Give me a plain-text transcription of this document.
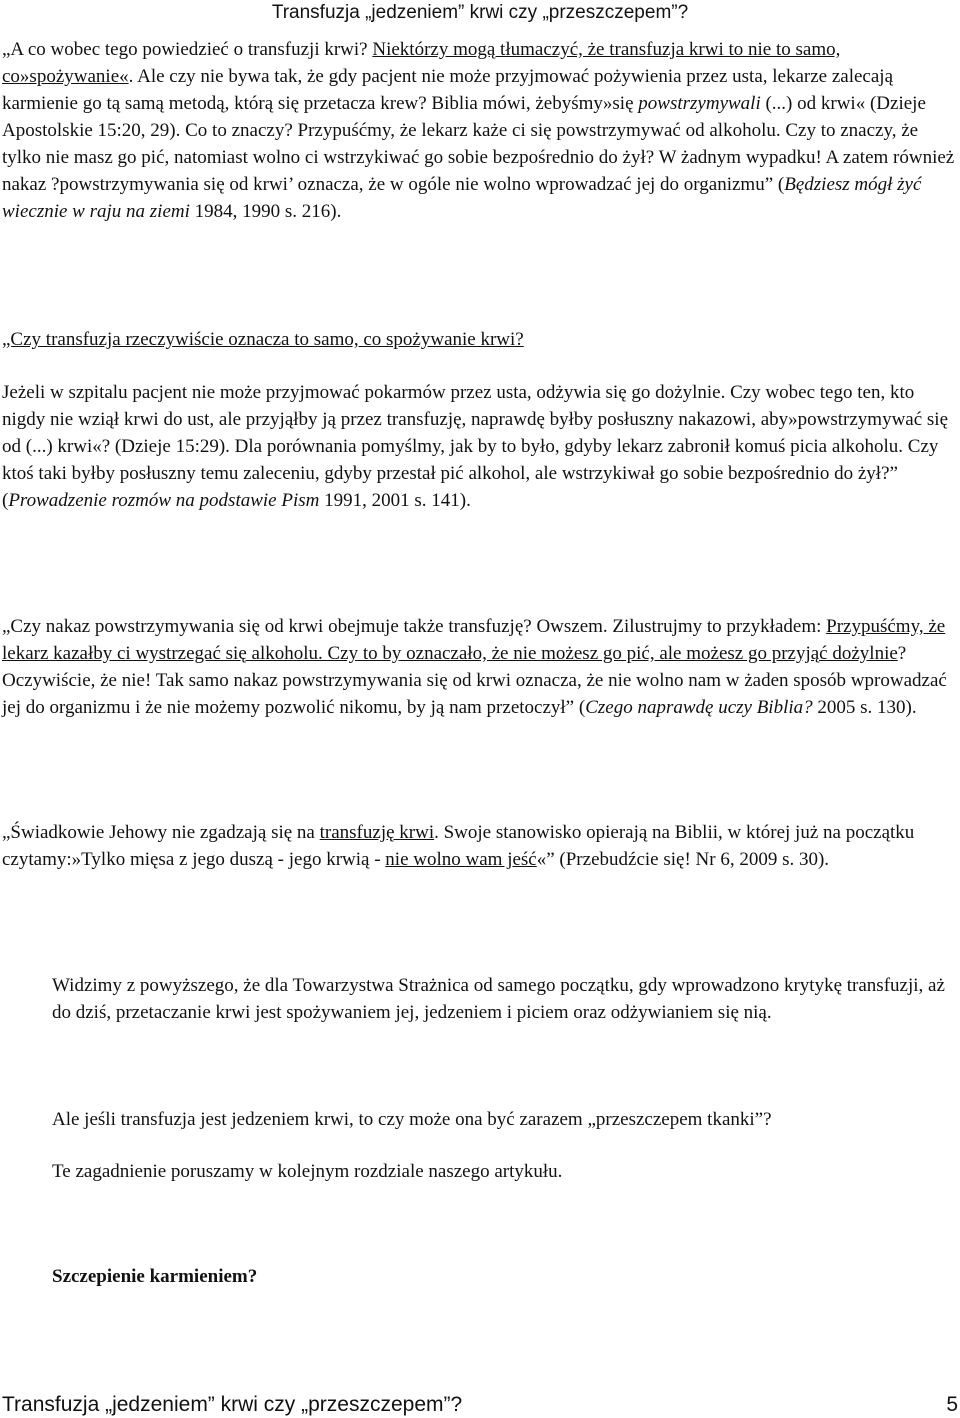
Transfuzja „jedzeniem” krwi czy „przeszczepem”?
„A co wobec tego powiedzieć o transfuzji krwi? Niektórzy mogą tłumaczyć, że transfuzja krwi to nie to samo, co»spożywanie«. Ale czy nie bywa tak, że gdy pacjent nie może przyjmować pożywienia przez usta, lekarze zalecają karmienie go tą samą metodą, którą się przetacza krew? Biblia mówi, żebyśmy»się powstrzymywali (...) od krwi« (Dzieje Apostolskie 15:20, 29). Co to znaczy? Przypuśćmy, że lekarz każe ci się powstrzymywać od alkoholu. Czy to znaczy, że tylko nie masz go pić, natomiast wolno ci wstrzykiwać go sobie bezpośrednio do żył? W żadnym wypadku! A zatem również nakaz ?powstrzymywania się od krwi’ oznacza, że w ogóle nie wolno wprowadzać jej do organizmu” (Będziesz mógł żyć wiecznie w raju na ziemi 1984, 1990 s. 216).
„Czy transfuzja rzeczywiście oznacza to samo, co spożywanie krwi?
Jeżeli w szpitalu pacjent nie może przyjmować pokarmów przez usta, odżywia się go dożylnie. Czy wobec tego ten, kto nigdy nie wziął krwi do ust, ale przyjąłby ją przez transfuzję, naprawdę byłby posłuszny nakazowi, aby»powstrzymywać się od (...) krwi«? (Dzieje 15:29). Dla porównania pomyślmy, jak by to było, gdyby lekarz zabronił komuś picia alkoholu. Czy ktoś taki byłby posłuszny temu zaleceniu, gdyby przestał pić alkohol, ale wstrzykiwał go sobie bezpośrednio do żył?” (Prowadzenie rozmów na podstawie Pism 1991, 2001 s. 141).
„Czy nakaz powstrzymywania się od krwi obejmuje także transfuzję? Owszem. Zilustrujmy to przykładem: Przypuśćmy, że lekarz kazałby ci wystrzegać się alkoholu. Czy to by oznaczało, że nie możesz go pić, ale możesz go przyjąć dożylnie? Oczywiście, że nie! Tak samo nakaz powstrzymywania się od krwi oznacza, że nie wolno nam w żaden sposób wprowadzać jej do organizmu i że nie możemy pozwolić nikomu, by ją nam przetoczył” (Czego naprawdę uczy Biblia? 2005 s. 130).
„Świadkowie Jehowy nie zgadzają się na transfuzję krwi. Swoje stanowisko opierają na Biblii, w której już na początku czytamy:»Tylko mięsa z jego duszą - jego krwią - nie wolno wam jeść«” (Przebudźcie się! Nr 6, 2009 s. 30).
Widzimy z powyższego, że dla Towarzystwa Strażnica od samego początku, gdy wprowadzono krytykę transfuzji, aż do dziś, przetaczanie krwi jest spożywaniem jej, jedzeniem i piciem oraz odżywianiem się nią.
Ale jeśli transfuzja jest jedzeniem krwi, to czy może ona być zarazem „przeszczepem tkanki”?
Te zagadnienie poruszamy w kolejnym rozdziale naszego artykułu.
Szczepienie karmieniem?
Transfuzja „jedzeniem” krwi czy „przeszczepem”?	5
